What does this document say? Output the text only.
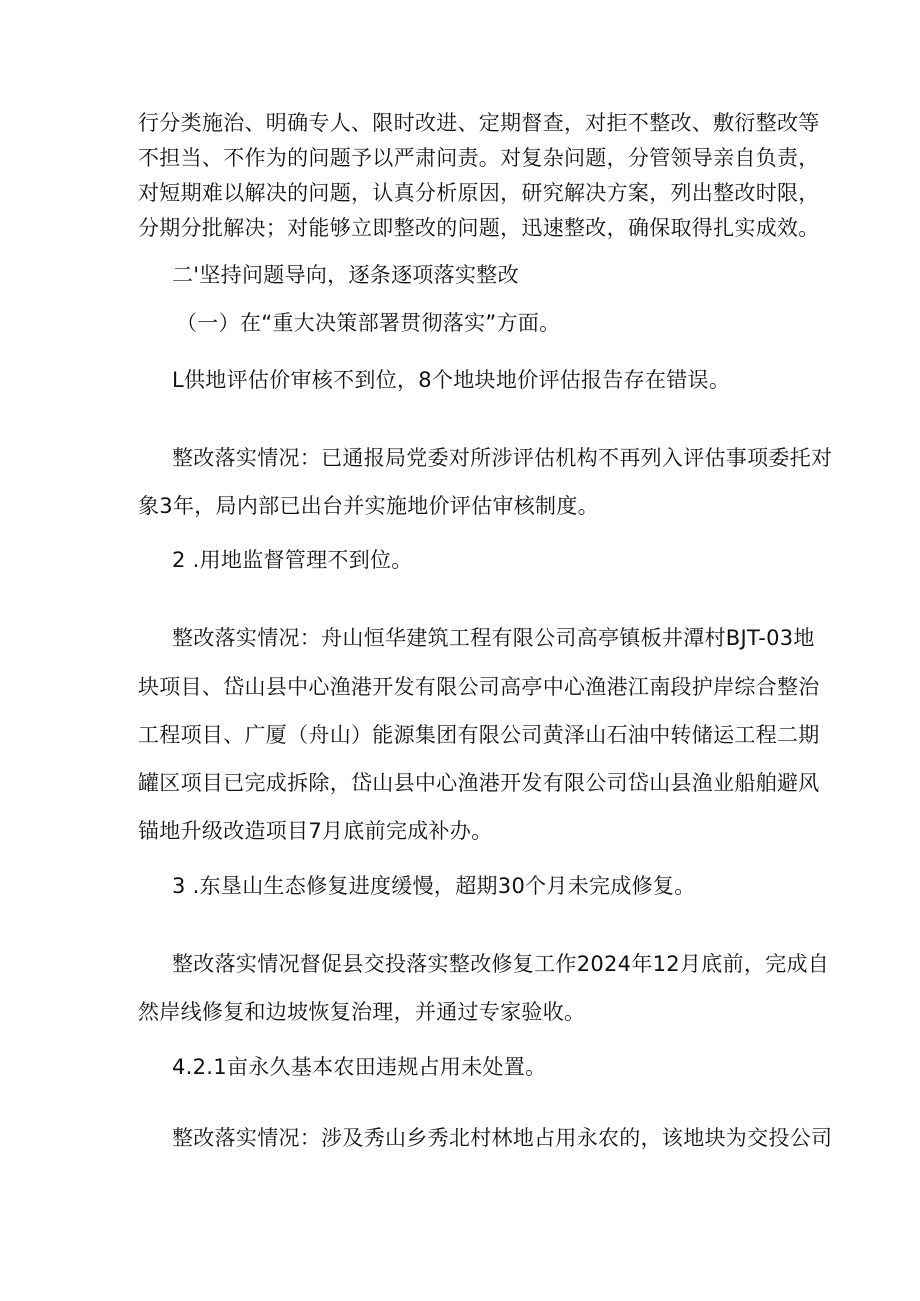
行分类施治、明确专人、限时改进、定期督查，对拒不整改、敷衍整改等
不担当、不作为的问题予以严肃问责。对复杂问题，分管领导亲自负责，
对短期难以解决的问题，认真分析原因，研究解决方案，列出整改时限，
分期分批解决；对能够立即整改的问题，迅速整改，确保取得扎实成效。
二'坚持问题导向，逐条逐项落实整改
（一）在“重大决策部署贯彻落实”方面。
L供地评估价审核不到位，8个地块地价评估报告存在错误。
整改落实情况：已通报局党委对所涉评估机构不再列入评估事项委托对
象3年，局内部已出台并实施地价评估审核制度。
2 .用地监督管理不到位。
整改落实情况：舟山恒华建筑工程有限公司高亭镇板井潭村BJT-03地
块项目、岱山县中心渔港开发有限公司高亭中心渔港江南段护岸综合整治
工程项目、广厦（舟山）能源集团有限公司黄泽山石油中转储运工程二期
罐区项目已完成拆除，岱山县中心渔港开发有限公司岱山县渔业船舶避风
锚地升级改造项目7月底前完成补办。
3 .东垦山生态修复进度缓慢，超期30个月未完成修复。
整改落实情况督促县交投落实整改修复工作2024年12月底前，完成自
然岸线修复和边坡恢复治理，并通过专家验收。
4.2.1亩永久基本农田违规占用未处置。
整改落实情况：涉及秀山乡秀北村林地占用永农的，该地块为交投公司
